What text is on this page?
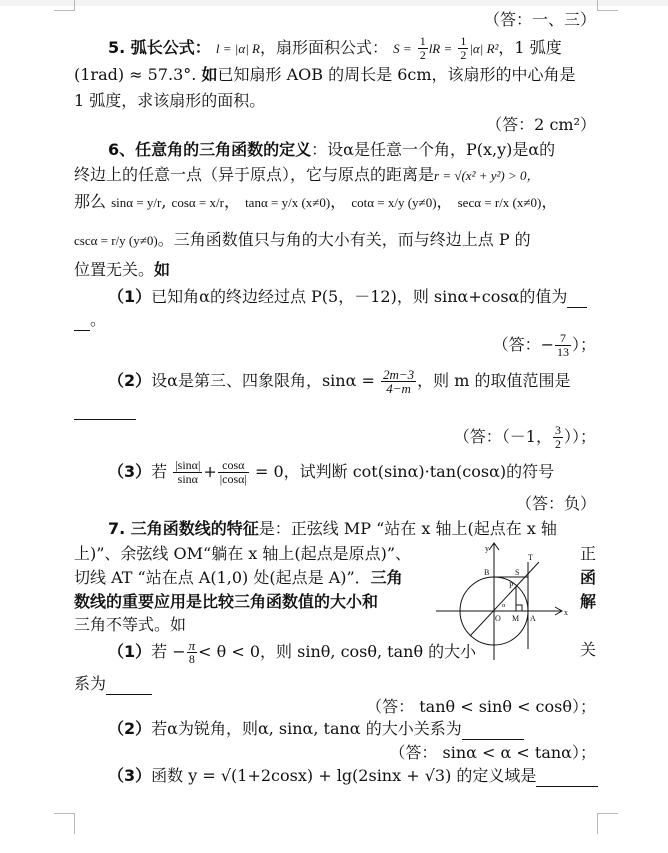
（答：一、三）
5. 弧长公式： l = |α| R，扇形面积公式： $S = \frac{1}{2}$ lR = $\frac{1}{2} |\alpha|$ R²，1 弧度
(1rad) ≈ 57.3°. 如已知扇形 AOB 的周长是 6cm，该扇形的中心角是
1 弧度，求该扇形的面积。
（答：2 cm²）
6、任意角的三角函数的定义：设α是任意一个角，P(x,y)是α的
终边上的任意一点（异于原点），它与原点的距离是r = √(x² + y²) > 0，
那么 sinα = y/r, cosα = x/r， tanα = y/x (x≠0)， cotα = x/y (y≠0)， secα = r/x (x≠0)，
cscα = r/y (y≠0)。三角函数值只与角的大小有关，而与终边上点 P 的
位置无关。如
（1）已知角α的终边经过点 P(5，－12)，则 sinα+cosα的值为
。
（答：− $\frac{7}{13}$ ）；
（2）设α是第三、四象限角，$\sin\alpha = \frac{2m-3}{4-m}$ ，则 m 的取值范围是
（答：（－1， $\frac{3}{2}$ ））；
（3）若 $\frac{|\sin\alpha|}{\sin\alpha} + \frac{\cos\alpha}{|\cos\alpha|} = 0$，试判断 cot(sinα)·tan(cosα)的符号
（答：负）
7. 三角函数线的特征是：正弦线 MP “站在 x 轴上(起点在 x 轴
上)”、余弦线 OM“躺在 x 轴上(起点是原点)”、	正
切线 AT “站在点 A(1,0) 处(起点是 A)”．三角	函
数线的重要应用是比较三角函数值的大小和	解
三角不等式。如
（1）若 − $\frac{\pi}{8} < \theta < 0$，则 sinθ, cosθ, tanθ 的大小	关
系为
（答： tanθ < sinθ < cosθ）；
（2）若α为锐角，则α, sinα, tanα 的大小关系为
（答： sinα < α < tanα）；
（3）函数 y = √(1+2cosx) + lg(2sinx + √3) 的定义域是
y
x
B	S
T
P
O M A
α
